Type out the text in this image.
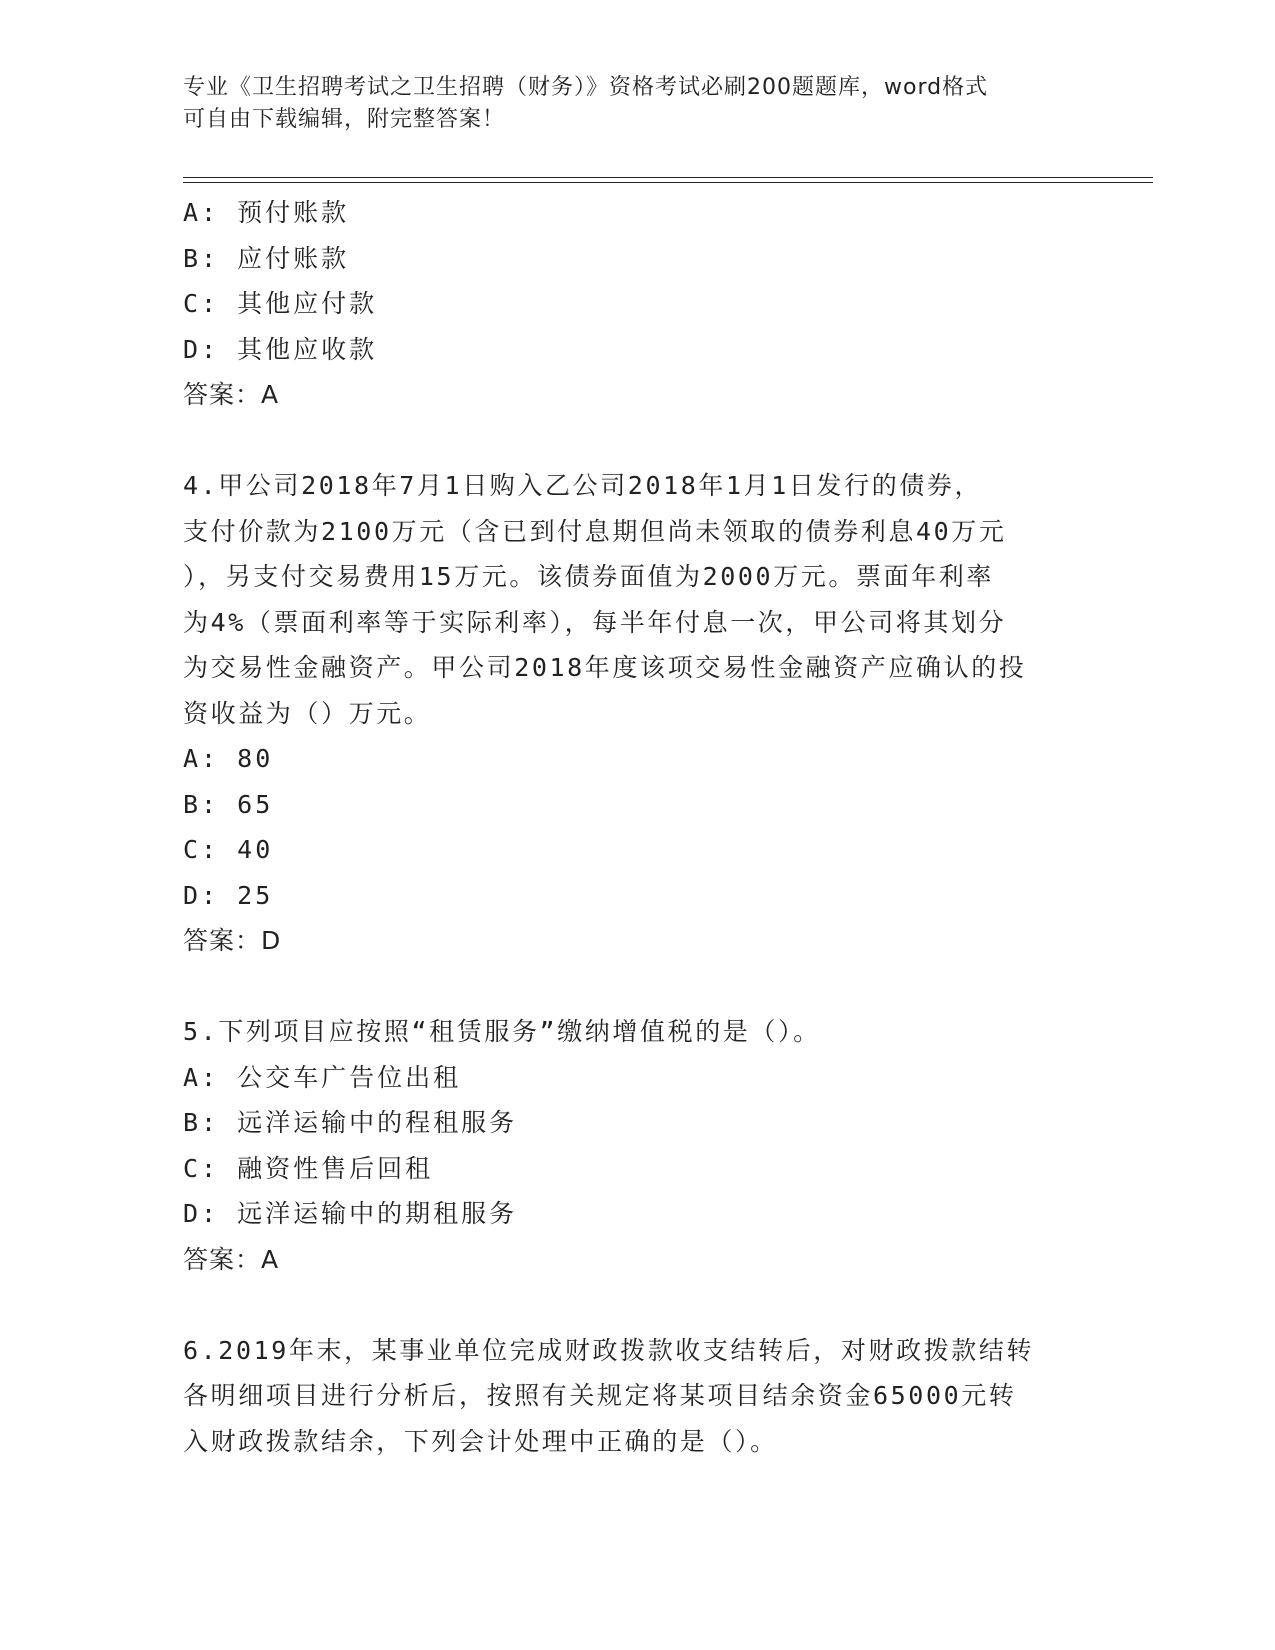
专业《卫生招聘考试之卫生招聘（财务）》资格考试必刷200题题库，word格式
可自由下载编辑，附完整答案！
A: 预付账款
B: 应付账款
C: 其他应付款
D: 其他应收款
答案：A
4.甲公司2018年7月1日购入乙公司2018年1月1日发行的债券，
支付价款为2100万元（含已到付息期但尚未领取的债券利息40万元
），另支付交易费用15万元。该债券面值为2000万元。票面年利率
为4%（票面利率等于实际利率），每半年付息一次，甲公司将其划分
为交易性金融资产。甲公司2018年度该项交易性金融资产应确认的投
资收益为（）万元。
A: 80
B: 65
C: 40
D: 25
答案：D
5.下列项目应按照“租赁服务”缴纳增值税的是（）。
A: 公交车广告位出租
B: 远洋运输中的程租服务
C: 融资性售后回租
D: 远洋运输中的期租服务
答案：A
6.2019年末，某事业单位完成财政拨款收支结转后，对财政拨款结转
各明细项目进行分析后，按照有关规定将某项目结余资金65000元转
入财政拨款结余，下列会计处理中正确的是（）。
